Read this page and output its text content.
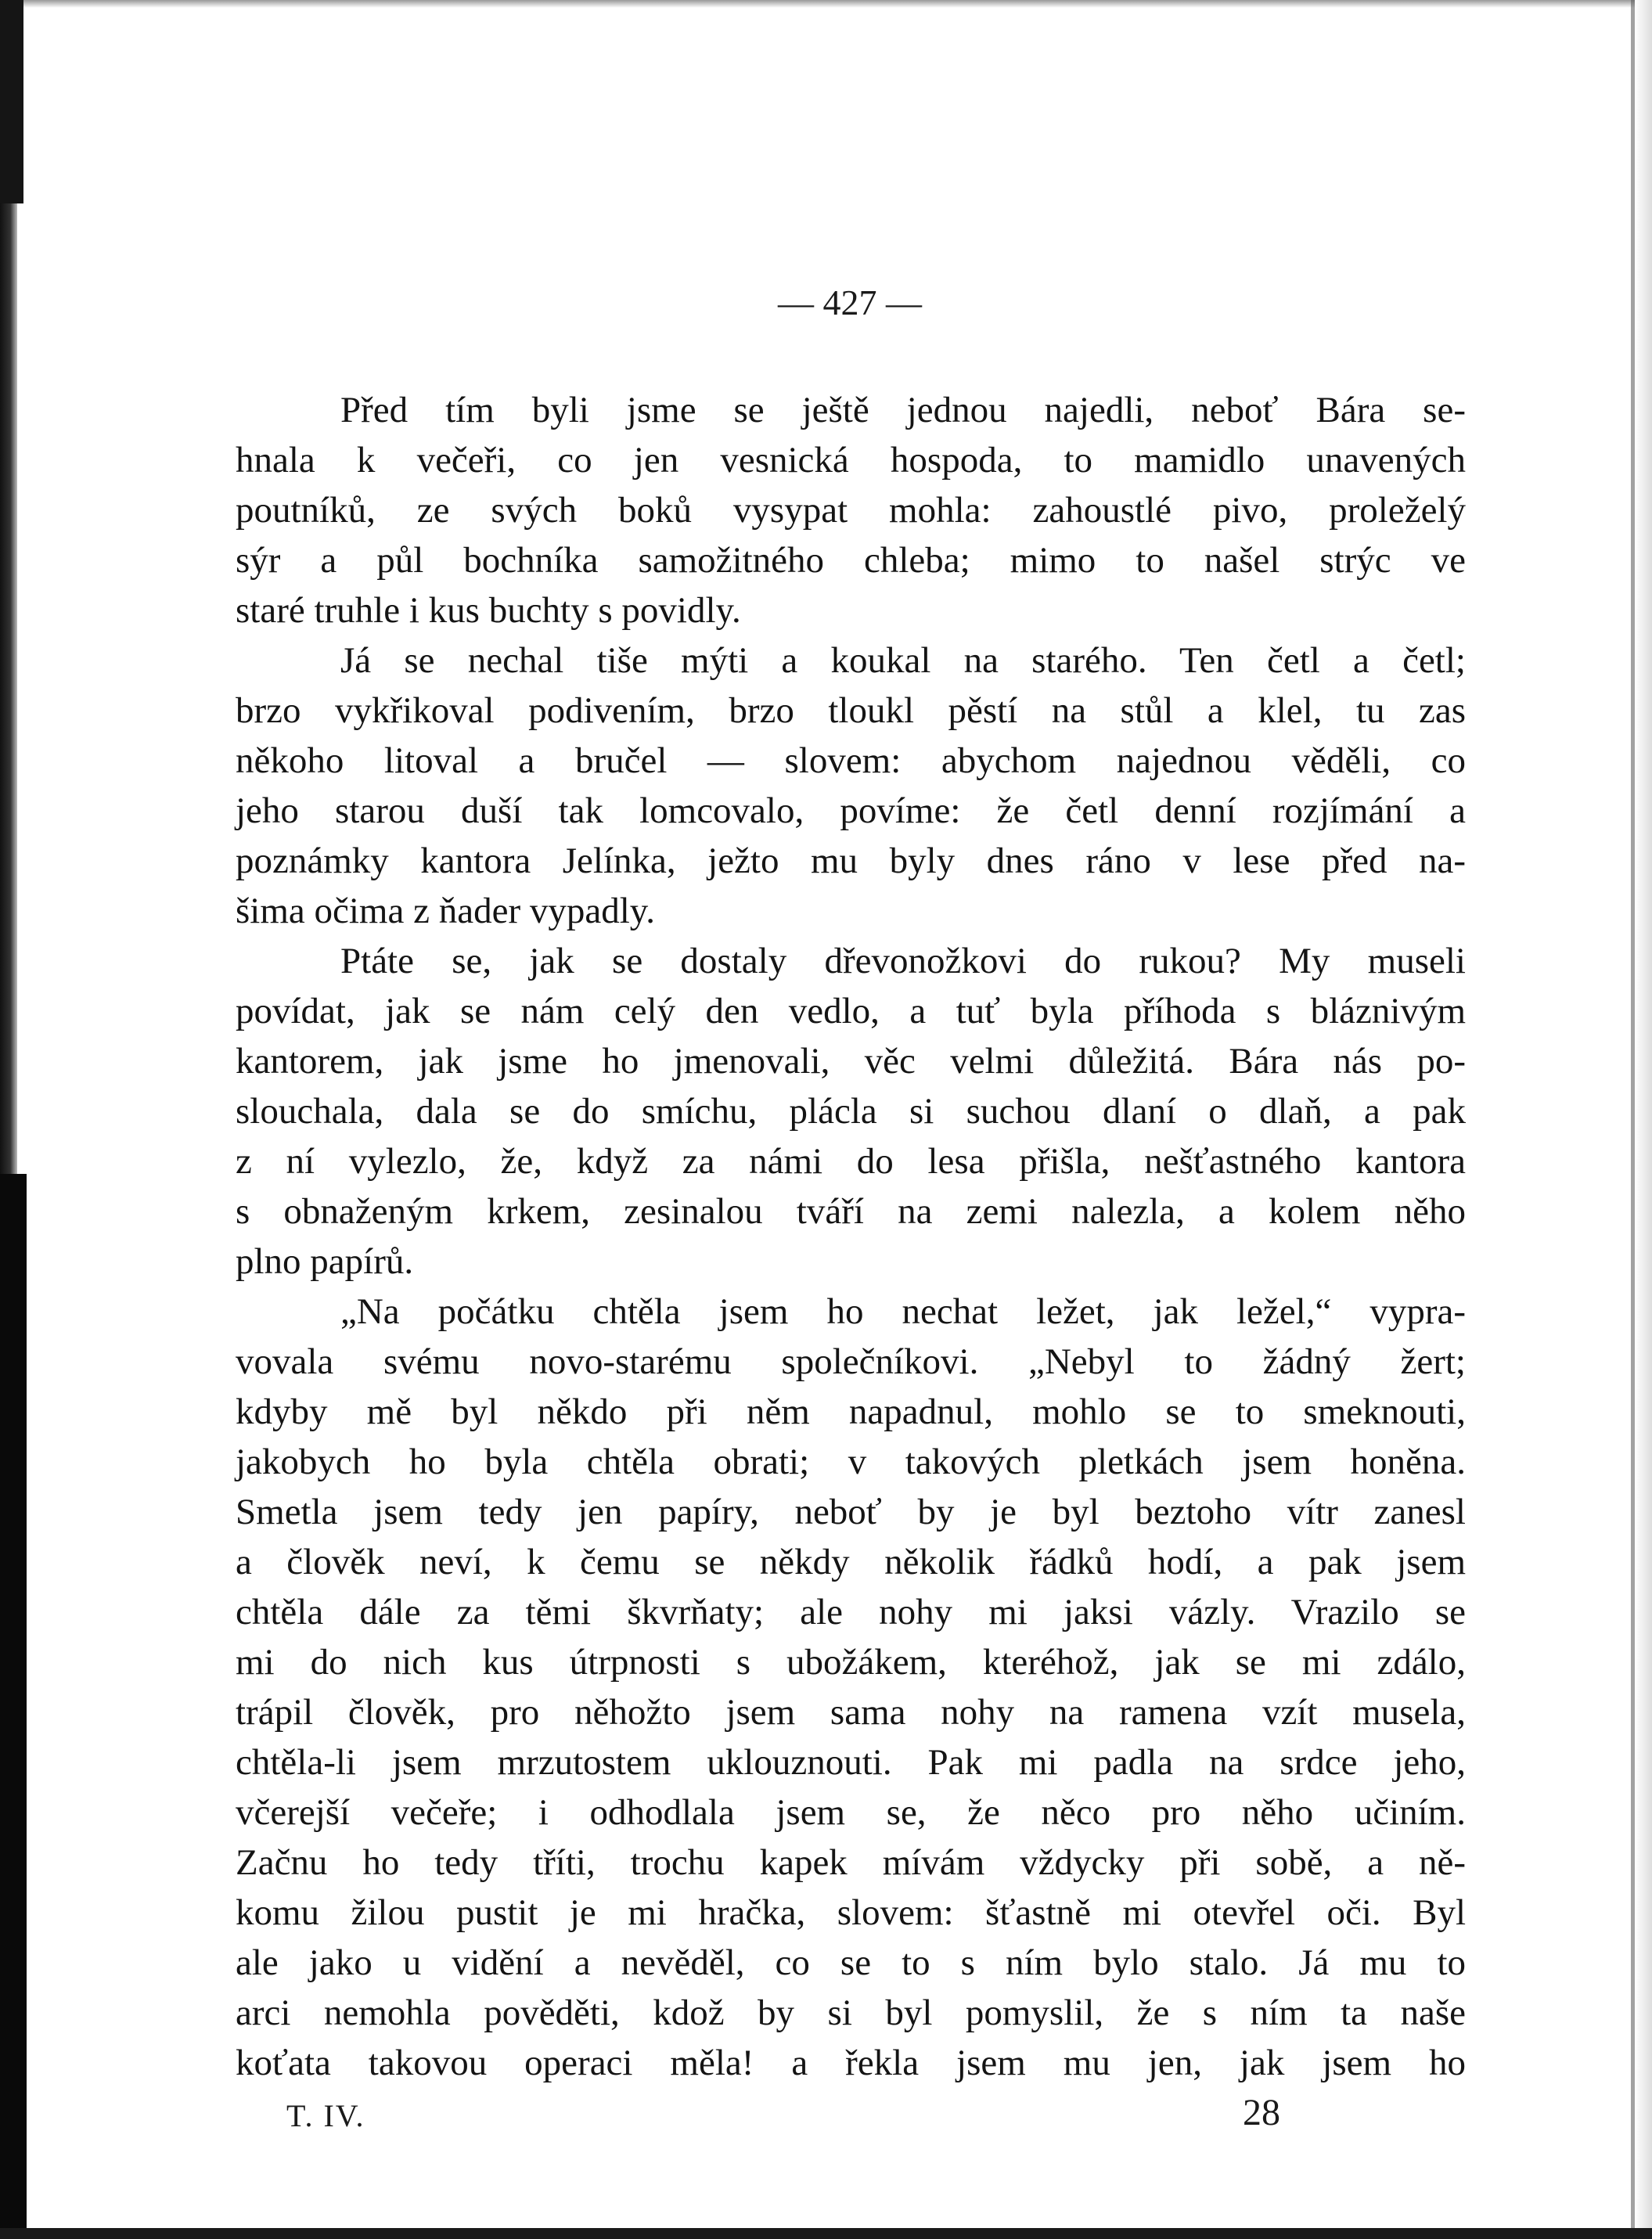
— 427 —
Před tím byli jsme se ještě jednou najedli, neboť Bára se-
hnala k večeři, co jen vesnická hospoda, to mamidlo unavených
poutníků, ze svých boků vysypat mohla: zahoustlé pivo, proleželý
sýr a půl bochníka samožitného chleba; mimo to našel strýc ve
staré truhle i kus buchty s povidly.
Já se nechal tiše mýti a koukal na starého. Ten četl a četl;
brzo vykřikoval podivením, brzo tloukl pěstí na stůl a klel, tu zas
někoho litoval a bručel — slovem: abychom najednou věděli, co
jeho starou duší tak lomcovalo, povíme: že četl denní rozjímání a
poznámky kantora Jelínka, ježto mu byly dnes ráno v lese před na-
šima očima z ňader vypadly.
Ptáte se, jak se dostaly dřevonožkovi do rukou? My museli
povídat, jak se nám celý den vedlo, a tuť byla příhoda s bláznivým
kantorem, jak jsme ho jmenovali, věc velmi důležitá. Bára nás po-
slouchala, dala se do smíchu, plácla si suchou dlaní o dlaň, a pak
z ní vylezlo, že, když za námi do lesa přišla, nešťastného kantora
s obnaženým krkem, zesinalou tváří na zemi nalezla, a kolem něho
plno papírů.
„Na počátku chtěla jsem ho nechat ležet, jak ležel,“ vypra-
vovala svému novo-starému společníkovi. „Nebyl to žádný žert;
kdyby mě byl někdo při něm napadnul, mohlo se to smeknouti,
jakobych ho byla chtěla obrati; v takových pletkách jsem honěna.
Smetla jsem tedy jen papíry, neboť by je byl beztoho vítr zanesl
a člověk neví, k čemu se někdy několik řádků hodí, a pak jsem
chtěla dále za těmi škvrňaty; ale nohy mi jaksi vázly. Vrazilo se
mi do nich kus útrpnosti s ubožákem, kteréhož, jak se mi zdálo,
trápil člověk, pro něhožto jsem sama nohy na ramena vzít musela,
chtěla-li jsem mrzutostem uklouznouti. Pak mi padla na srdce jeho,
včerejší večeře; i odhodlala jsem se, že něco pro něho učiním.
Začnu ho tedy tříti, trochu kapek mívám vždycky při sobě, a ně-
komu žilou pustit je mi hračka, slovem: šťastně mi otevřel oči. Byl
ale jako u vidění a nevěděl, co se to s ním bylo stalo. Já mu to
arci nemohla pověděti, kdož by si byl pomyslil, že s ním ta naše
koťata takovou operaci měla! a řekla jsem mu jen, jak jsem ho
T. IV.	28
